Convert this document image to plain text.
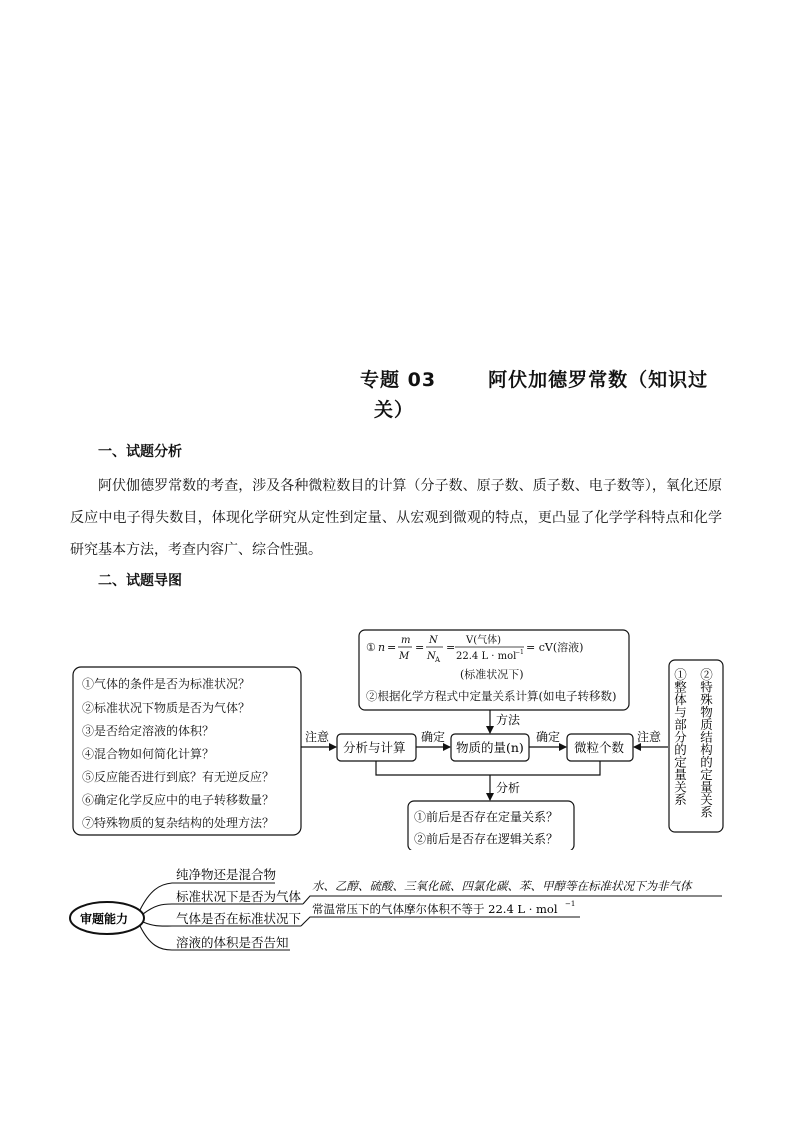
专题 03	阿伏加德罗常数（知识过
关）
一、试题分析
阿伏伽德罗常数的考查，涉及各种微粒数目的计算（分子数、原子数、质子数、电子数等），氧化还原反应中电子得失数目，体现化学研究从定性到定量、从宏观到微观的特点，更凸显了化学学科特点和化学研究基本方法，考查内容广、综合性强。
二、试题导图
①气体的条件是否为标准状况？
②标准状况下物质是否为气体？
③是否给定溶液的体积？
④混合物如何简化计算？
⑤反应能否进行到底？有无逆反应？
⑥确定化学反应中的电子转移数量？
⑦特殊物质的复杂结构的处理方法？
① n =
m
M
=
N
N A
=
V(气体)
22.4 L · mol
−1 = cV(溶液)
(标准状况下)
②根据化学方程式中定量关系计算(如电子转移数)
方法
分析与计算	物质的量(n)	微粒个数
注意	确定	确定	注意
分析
①前后是否存在定量关系？
②前后是否存在逻辑关系？
①整体与部分的定量关系 ②特殊物质结构的定量关系
审题能力
纯净物还是混合物
标准状况下是否为气体
气体是否在标准状况下
溶液的体积是否告知
水、乙醇、硫酸、三氧化硫、四氯化碳、苯、甲醇等在标准状况下为非气体
常温常压下的气体摩尔体积不等于 22.4 L · mol −1
